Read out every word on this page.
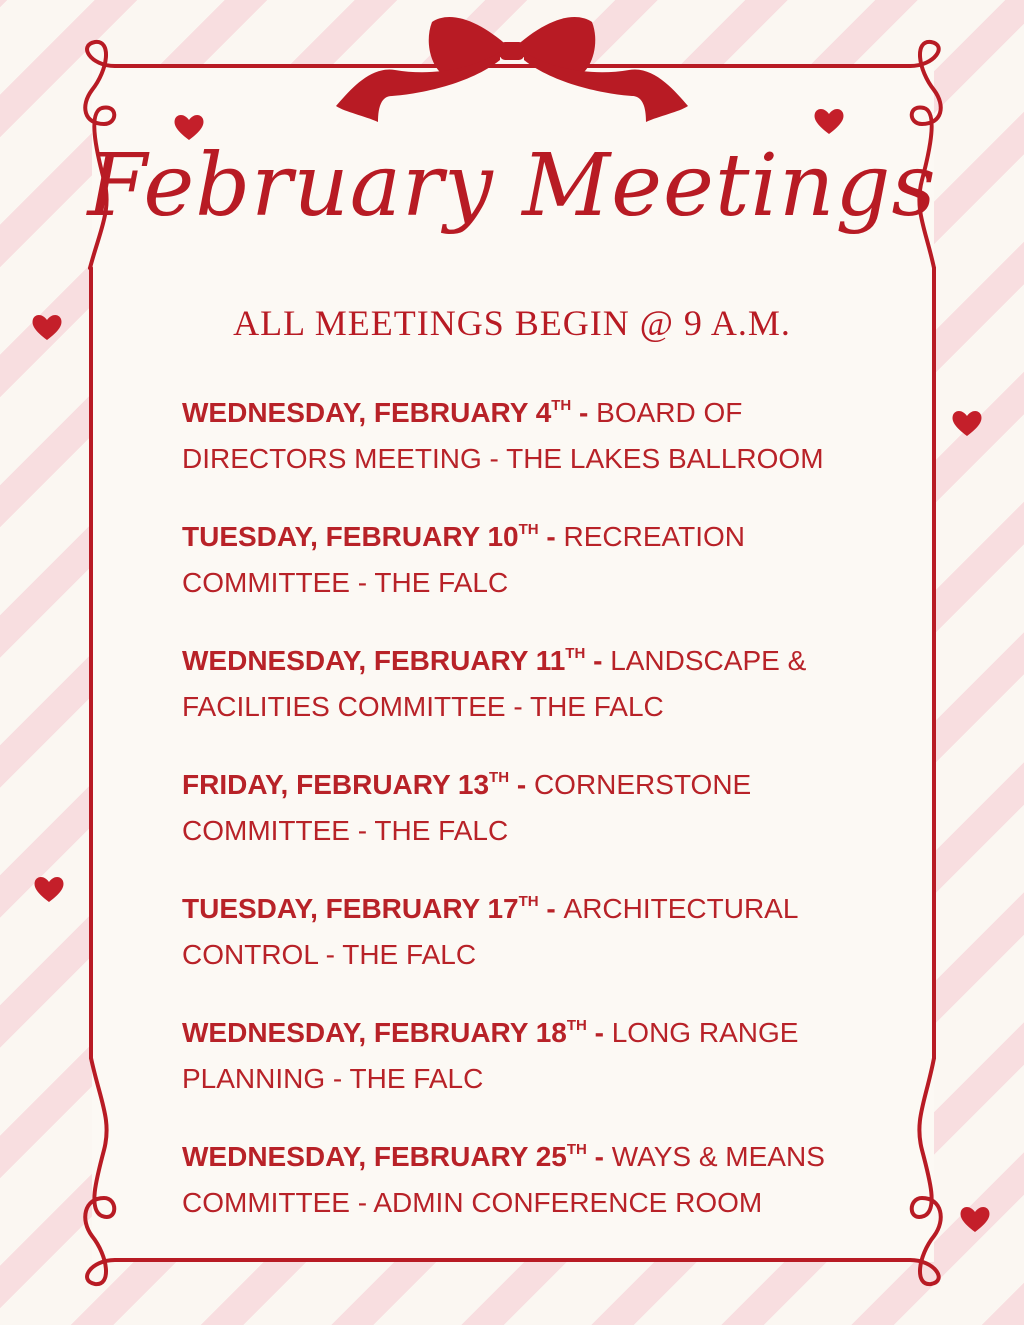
February Meetings
ALL MEETINGS BEGIN @ 9 A.M.
WEDNESDAY, FEBRUARY 4TH - BOARD OF DIRECTORS MEETING - THE LAKES BALLROOM
TUESDAY, FEBRUARY 10TH - RECREATION COMMITTEE - THE FALC
WEDNESDAY, FEBRUARY 11TH - LANDSCAPE & FACILITIES COMMITTEE - THE FALC
FRIDAY, FEBRUARY 13TH - CORNERSTONE COMMITTEE - THE FALC
TUESDAY, FEBRUARY 17TH - ARCHITECTURAL CONTROL - THE FALC
WEDNESDAY, FEBRUARY 18TH - LONG RANGE PLANNING - THE FALC
WEDNESDAY, FEBRUARY 25TH - WAYS & MEANS COMMITTEE - ADMIN CONFERENCE ROOM
